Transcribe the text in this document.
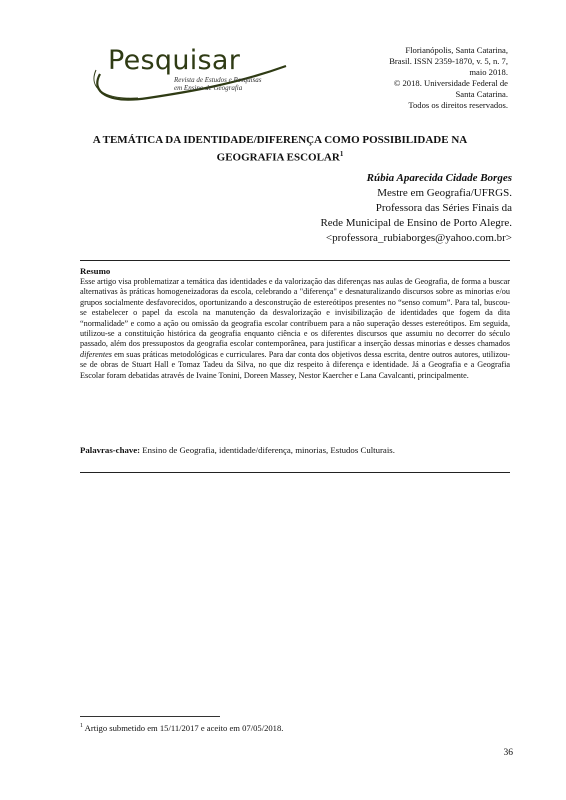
Pesquisar
Revista de Estudos e Pesquisas
em Ensino de Geografia
Florianópolis, Santa Catarina,
Brasil. ISSN 2359-1870, v. 5, n. 7,
maio 2018.
© 2018. Universidade Federal de
Santa Catarina.
Todos os direitos reservados.
A TEMÁTICA DA IDENTIDADE/DIFERENÇA COMO POSSIBILIDADE NA
GEOGRAFIA ESCOLAR$^1$
Rúbia Aparecida Cidade Borges
Mestre em Geografia/UFRGS.
Professora das Séries Finais da
Rede Municipal de Ensino de Porto Alegre.
<professora_rubiaborges@yahoo.com.br>
Resumo
Esse artigo visa problematizar a temática das identidades e da valorização das diferenças nas aulas de Geografia, de forma a buscar alternativas às práticas homogeneizadoras da escola, celebrando a "diferença" e desnaturalizando discursos sobre as minorias e/ou grupos socialmente desfavorecidos, oportunizando a desconstrução de estereótipos presentes no “senso comum”. Para tal, buscou-se estabelecer o papel da escola na manutenção da desvalorização e invisibilização de identidades que fogem da dita “normalidade” e como a ação ou omissão da geografia escolar contribuem para a não superação desses estereótipos. Em seguida, utilizou-se a constituição histórica da geografia enquanto ciência e os diferentes discursos que assumiu no decorrer do século passado, além dos pressupostos da geografia escolar contemporânea, para justificar a inserção dessas minorias e desses chamados diferentes em suas práticas metodológicas e curriculares. Para dar conta dos objetivos dessa escrita, dentre outros autores, utilizou-se de obras de Stuart Hall e Tomaz Tadeu da Silva, no que diz respeito à diferença e identidade. Já a Geografia e a Geografia Escolar foram debatidas através de Ivaine Tonini, Doreen Massey, Nestor Kaercher e Lana Cavalcanti, principalmente.
Palavras-chave: Ensino de Geografia, identidade/diferença, minorias, Estudos Culturais.
$^1$ Artigo submetido em 15/11/2017 e aceito em 07/05/2018.
36
